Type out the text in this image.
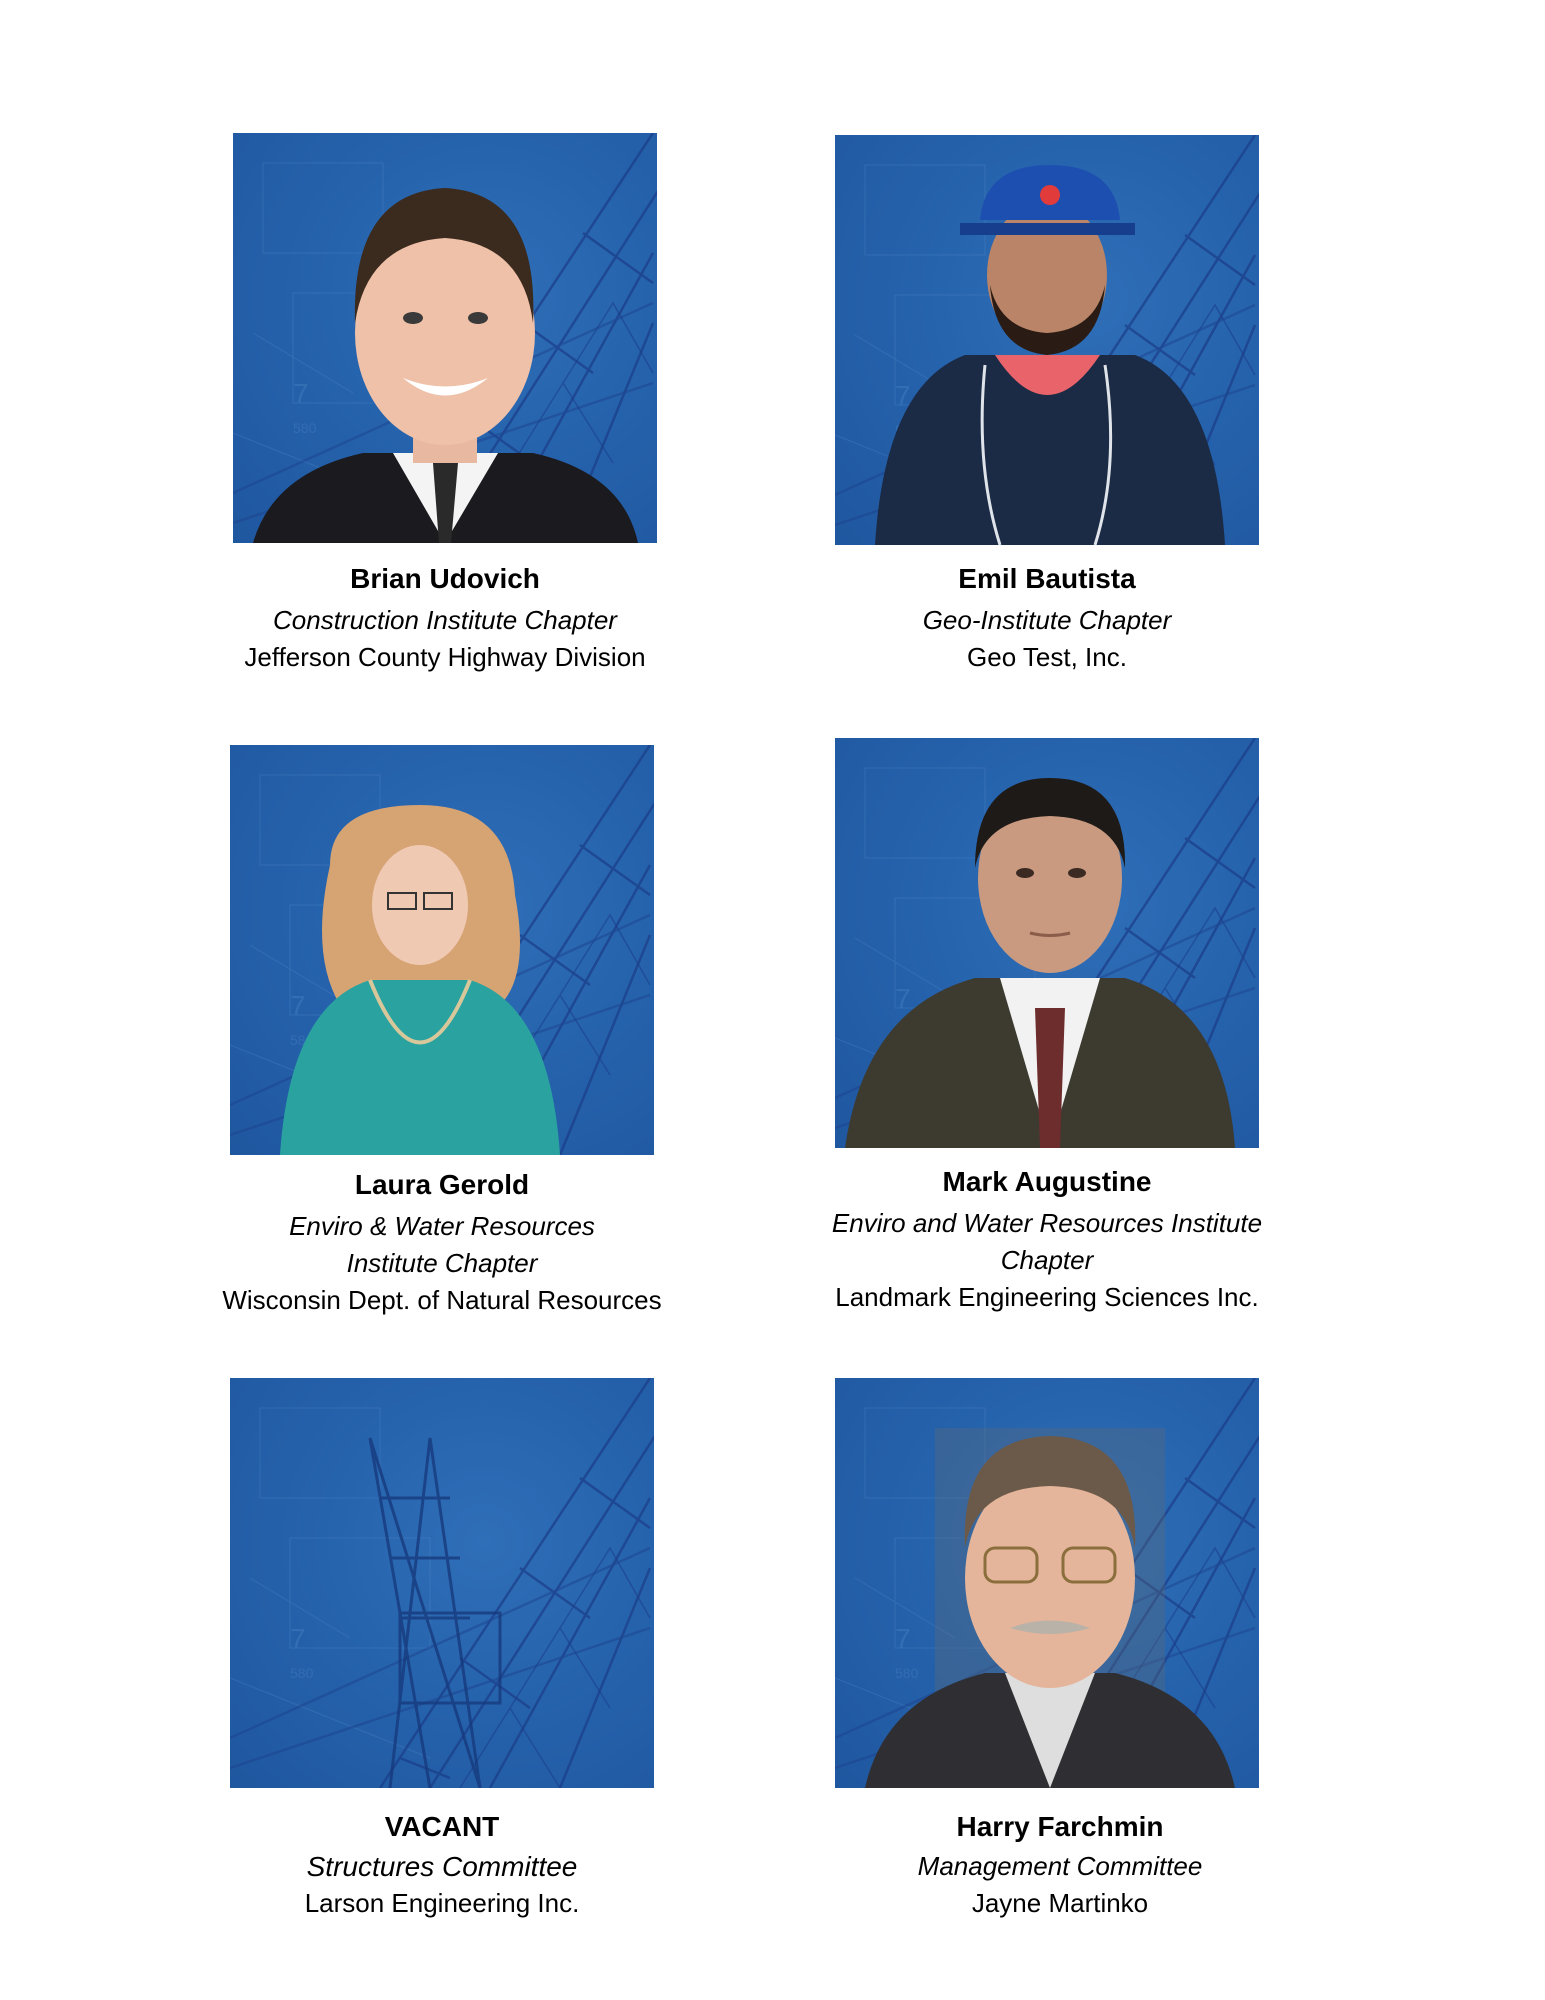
Brian Udovich
Construction Institute Chapter
Jefferson County Highway Division
Emil Bautista
Geo-Institute Chapter
Geo Test, Inc.
Laura Gerold
Enviro & Water Resources Institute Chapter
Wisconsin Dept. of Natural Resources
Mark Augustine
Enviro and Water Resources Institute Chapter
Landmark Engineering Sciences Inc.
VACANT
Structures Committee
Larson Engineering Inc.
Harry Farchmin
Management Committee
Jayne Martinko
